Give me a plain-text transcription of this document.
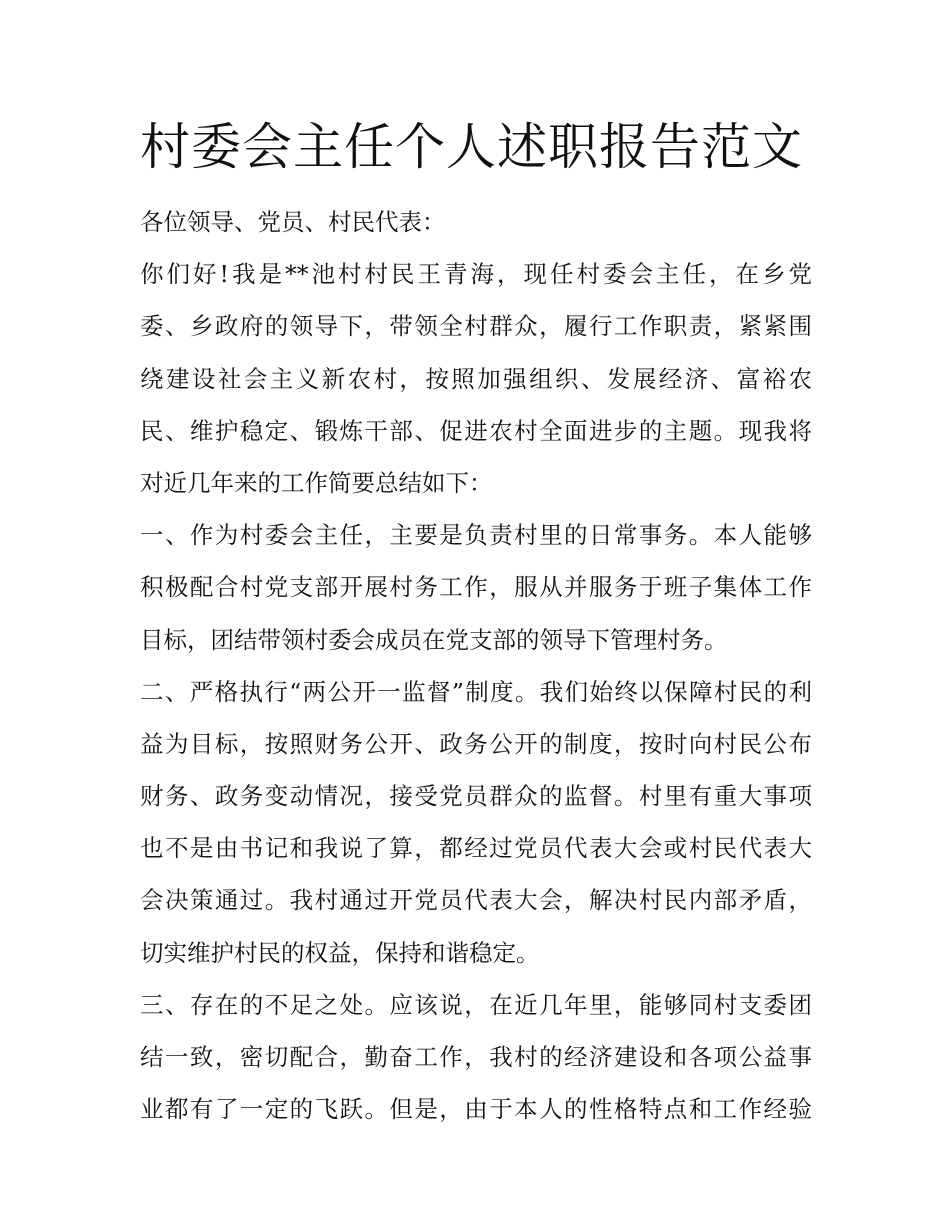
村委会主任个人述职报告范文
各位领导、党员、村民代表：
你们好!我是**池村村民王青海，现任村委会主任，在乡党
委、乡政府的领导下，带领全村群众，履行工作职责，紧紧围
绕建设社会主义新农村，按照加强组织、发展经济、富裕农
民、维护稳定、锻炼干部、促进农村全面进步的主题。现我将
对近几年来的工作简要总结如下：
一、作为村委会主任，主要是负责村里的日常事务。本人能够
积极配合村党支部开展村务工作，服从并服务于班子集体工作
目标，团结带领村委会成员在党支部的领导下管理村务。
二、严格执行“两公开一监督”制度。我们始终以保障村民的利
益为目标，按照财务公开、政务公开的制度，按时向村民公布
财务、政务变动情况，接受党员群众的监督。村里有重大事项
也不是由书记和我说了算，都经过党员代表大会或村民代表大
会决策通过。我村通过开党员代表大会，解决村民内部矛盾，
切实维护村民的权益，保持和谐稳定。
三、存在的不足之处。应该说，在近几年里，能够同村支委团
结一致，密切配合，勤奋工作，我村的经济建设和各项公益事
业都有了一定的飞跃。但是，由于本人的性格特点和工作经验
